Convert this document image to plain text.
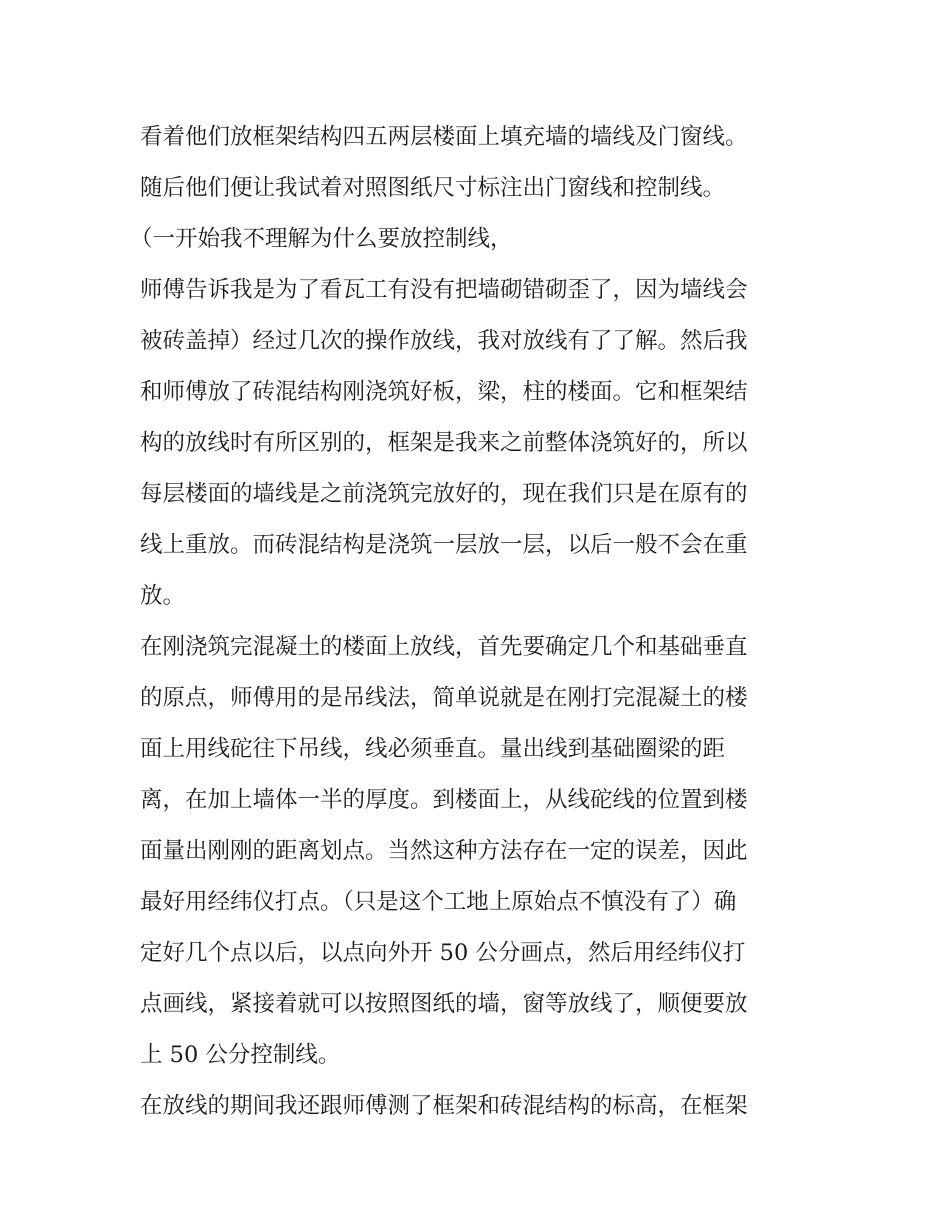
看着他们放框架结构四五两层楼面上填充墙的墙线及门窗线。
随后他们便让我试着对照图纸尺寸标注出门窗线和控制线。
（一开始我不理解为什么要放控制线，
师傅告诉我是为了看瓦工有没有把墙砌错砌歪了，因为墙线会
被砖盖掉）经过几次的操作放线，我对放线有了了解。然后我
和师傅放了砖混结构刚浇筑好板，梁，柱的楼面。它和框架结
构的放线时有所区别的，框架是我来之前整体浇筑好的，所以
每层楼面的墙线是之前浇筑完放好的，现在我们只是在原有的
线上重放。而砖混结构是浇筑一层放一层，以后一般不会在重
放。
在刚浇筑完混凝土的楼面上放线，首先要确定几个和基础垂直
的原点，师傅用的是吊线法，简单说就是在刚打完混凝土的楼
面上用线砣往下吊线，线必须垂直。量出线到基础圈梁的距
离，在加上墙体一半的厚度。到楼面上，从线砣线的位置到楼
面量出刚刚的距离划点。当然这种方法存在一定的误差，因此
最好用经纬仪打点。（只是这个工地上原始点不慎没有了）确
定好几个点以后，以点向外开 50 公分画点，然后用经纬仪打
点画线，紧接着就可以按照图纸的墙，窗等放线了，顺便要放
上 50 公分控制线。
在放线的期间我还跟师傅测了框架和砖混结构的标高，在框架
